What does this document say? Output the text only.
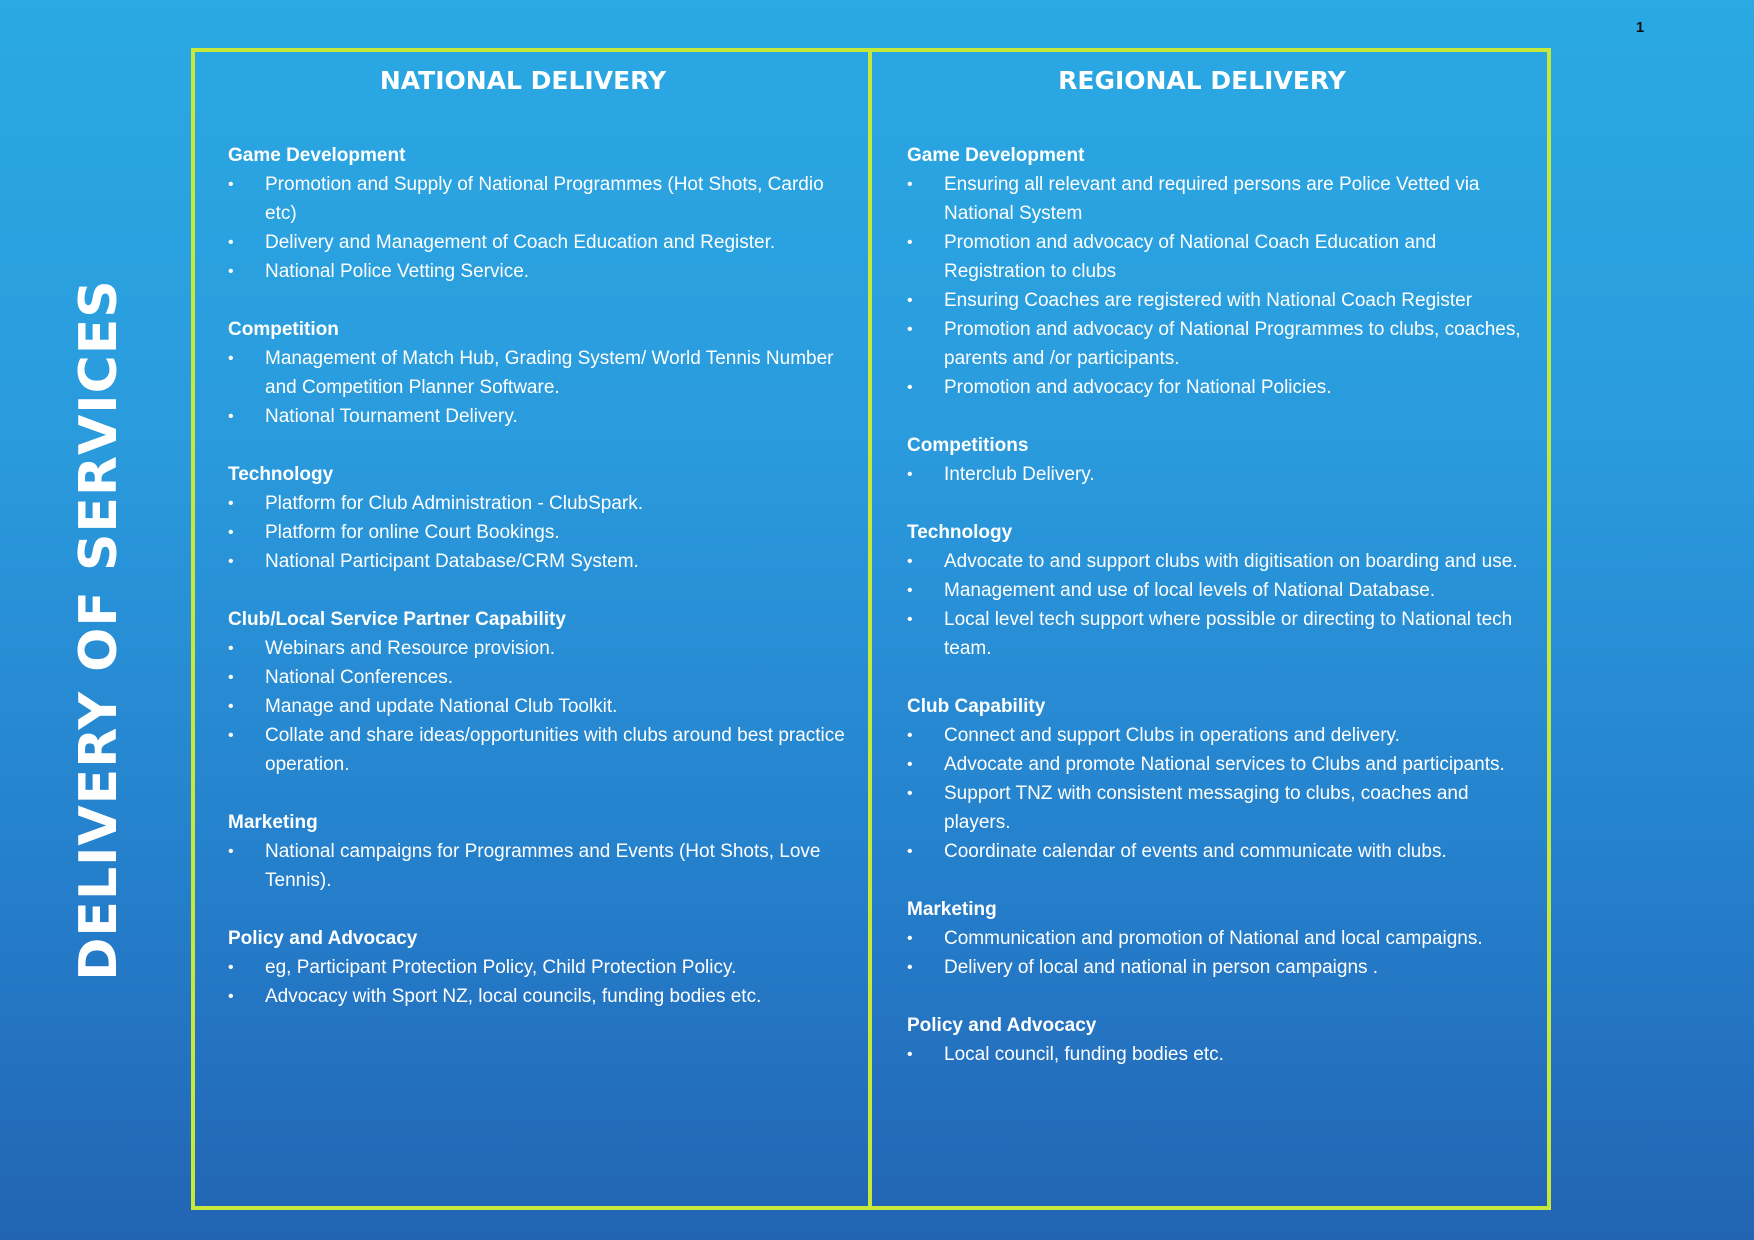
1
DELIVERY OF SERVICES
NATIONAL DELIVERY
Game Development
• Promotion and Supply of National Programmes (Hot Shots, Cardio etc)
• Delivery and Management of Coach Education and Register.
• National Police Vetting Service.
Competition
• Management of Match Hub, Grading System/ World Tennis Number and Competition Planner Software.
• National Tournament Delivery.
Technology
• Platform for Club Administration - ClubSpark.
• Platform for online Court Bookings.
• National Participant Database/CRM System.
Club/Local Service Partner Capability
• Webinars and Resource provision.
• National Conferences.
• Manage and update National Club Toolkit.
• Collate and share ideas/opportunities with clubs around best practice operation.
Marketing
• National campaigns for Programmes and Events (Hot Shots, Love Tennis).
Policy and Advocacy
• eg, Participant Protection Policy, Child Protection Policy.
• Advocacy with Sport NZ, local councils, funding bodies etc.
REGIONAL DELIVERY
Game Development
• Ensuring all relevant and required persons are Police Vetted via National System
• Promotion and advocacy of National Coach Education and Registration to clubs
• Ensuring Coaches are registered with National Coach Register
• Promotion and advocacy of National Programmes to clubs, coaches, parents and /or participants.
• Promotion and advocacy for National Policies.
Competitions
• Interclub Delivery.
Technology
• Advocate to and support clubs with digitisation on boarding and use.
• Management and use of local levels of National Database.
• Local level tech support where possible or directing to National tech team.
Club Capability
• Connect and support Clubs in operations and delivery.
• Advocate and promote National services to Clubs and participants.
• Support TNZ with consistent messaging to clubs, coaches and players.
• Coordinate calendar of events and communicate with clubs.
Marketing
• Communication and promotion of National and local campaigns.
• Delivery of local and national in person campaigns .
Policy and Advocacy
• Local council, funding bodies etc.
